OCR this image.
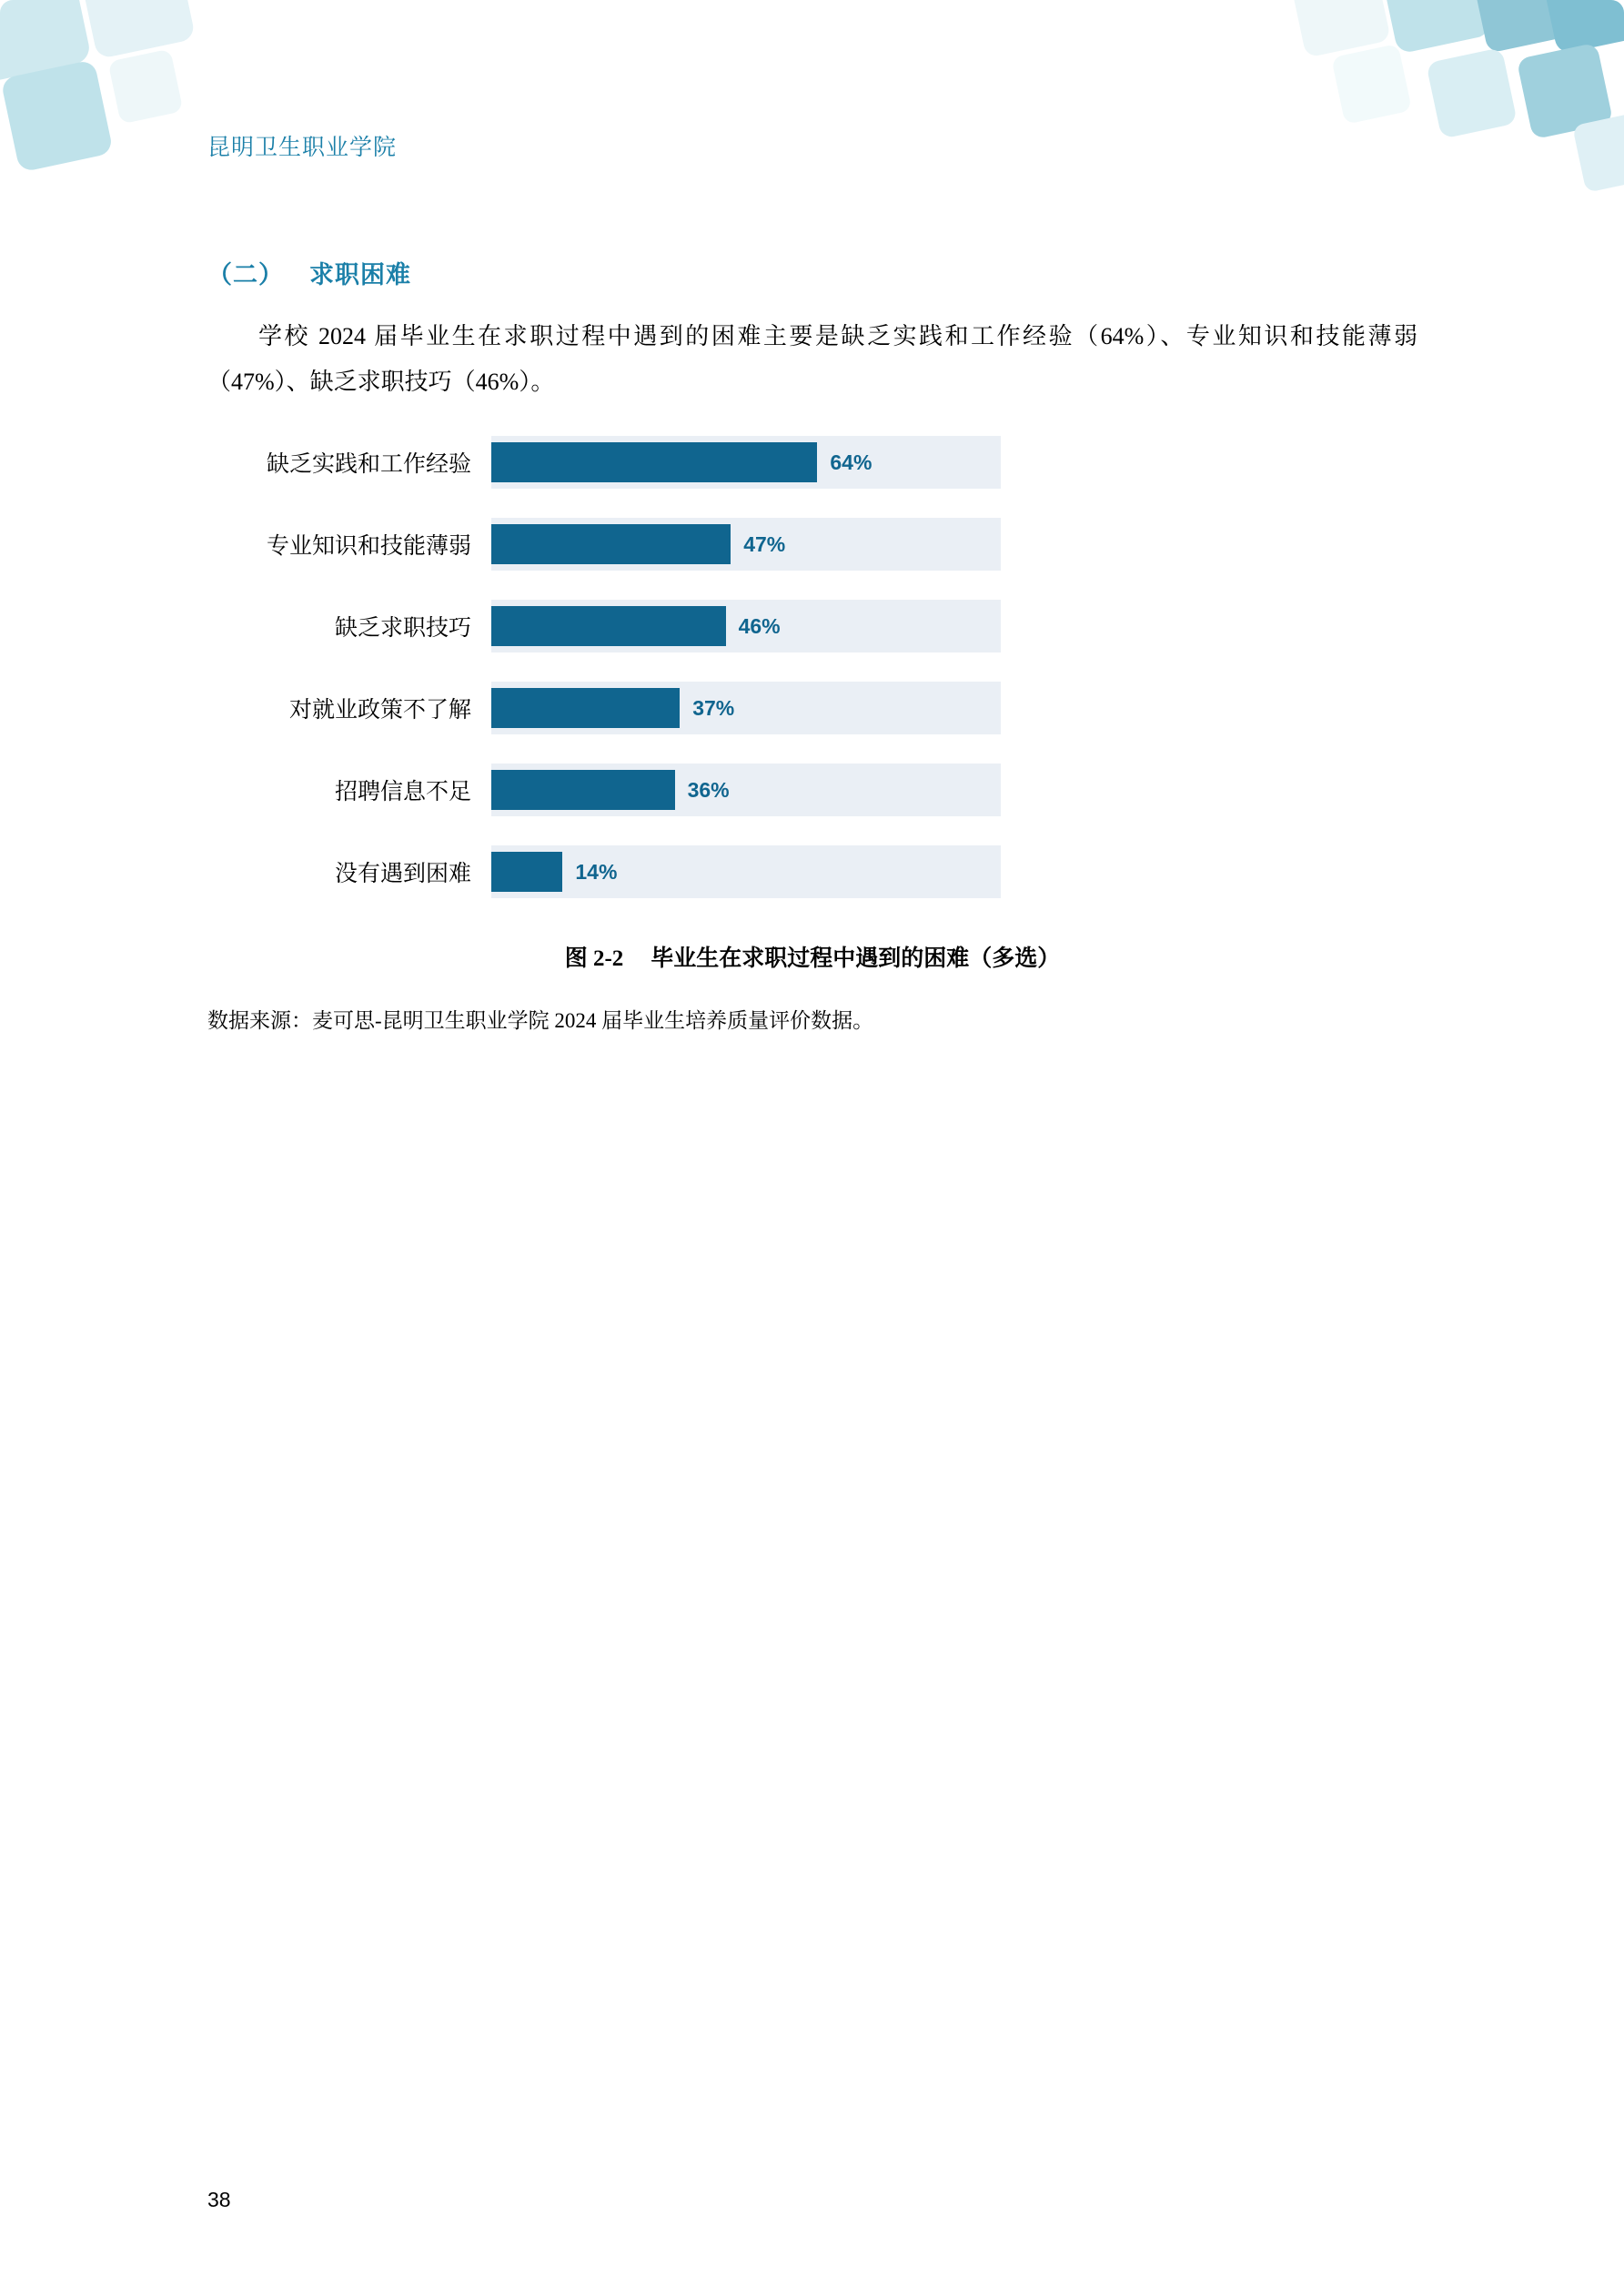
昆明卫生职业学院
（二） 求职困难

学校 2024 届毕业生在求职过程中遇到的困难主要是缺乏实践和工作经验（64%）、专业知识和技能薄弱（47%）、缺乏求职技巧（46%）。

缺乏实践和工作经验	64%
专业知识和技能薄弱	47%
缺乏求职技巧	46%
对就业政策不了解	37%
招聘信息不足	36%
没有遇到困难	14%
图 2-2 毕业生在求职过程中遇到的困难（多选）
数据来源：麦可思-昆明卫生职业学院 2024 届毕业生培养质量评价数据。
38
